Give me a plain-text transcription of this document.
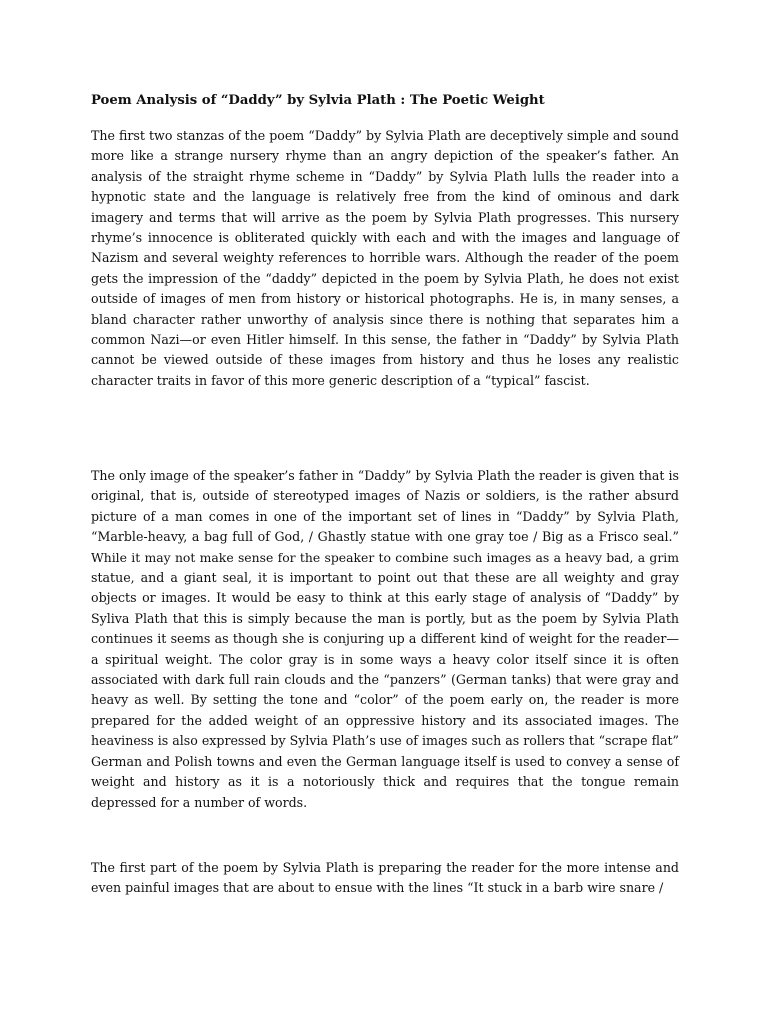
Poem Analysis of “Daddy” by Sylvia Plath : The Poetic Weight
The first two stanzas of the poem “Daddy” by Sylvia Plath are deceptively simple and sound
more like a strange nursery rhyme than an angry depiction of the speaker’s father. An
analysis of the straight rhyme scheme in “Daddy” by Sylvia Plath lulls the reader into a
hypnotic state and the language is relatively free from the kind of ominous and dark
imagery and terms that will arrive as the poem by Sylvia Plath progresses. This nursery
rhyme’s innocence is obliterated quickly with each and with the images and language of
Nazism and several weighty references to horrible wars. Although the reader of the poem
gets the impression of the “daddy” depicted in the poem by Sylvia Plath, he does not exist
outside of images of men from history or historical photographs. He is, in many senses, a
bland character rather unworthy of analysis since there is nothing that separates him a
common Nazi—or even Hitler himself. In this sense, the father in “Daddy” by Sylvia Plath
cannot be viewed outside of these images from history and thus he loses any realistic
character traits in favor of this more generic description of a “typical” fascist.
The only image of the speaker’s father in “Daddy” by Sylvia Plath the reader is given that is
original, that is, outside of stereotyped images of Nazis or soldiers, is the rather absurd
picture of a man comes in one of the important set of lines in “Daddy” by Sylvia Plath,
“Marble-heavy, a bag full of God, / Ghastly statue with one gray toe / Big as a Frisco seal.”
While it may not make sense for the speaker to combine such images as a heavy bad, a grim
statue, and a giant seal, it is important to point out that these are all weighty and gray
objects or images. It would be easy to think at this early stage of analysis of “Daddy” by
Syliva Plath that this is simply because the man is portly, but as the poem by Sylvia Plath
continues it seems as though she is conjuring up a different kind of weight for the reader—
a spiritual weight. The color gray is in some ways a heavy color itself since it is often
associated with dark full rain clouds and the “panzers” (German tanks) that were gray and
heavy as well. By setting the tone and “color” of the poem early on, the reader is more
prepared for the added weight of an oppressive history and its associated images. The
heaviness is also expressed by Sylvia Plath’s use of images such as rollers that “scrape flat”
German and Polish towns and even the German language itself is used to convey a sense of
weight and history as it is a notoriously thick and requires that the tongue remain
depressed for a number of words.
The first part of the poem by Sylvia Plath is preparing the reader for the more intense and
even painful images that are about to ensue with the lines “It stuck in a barb wire snare /
